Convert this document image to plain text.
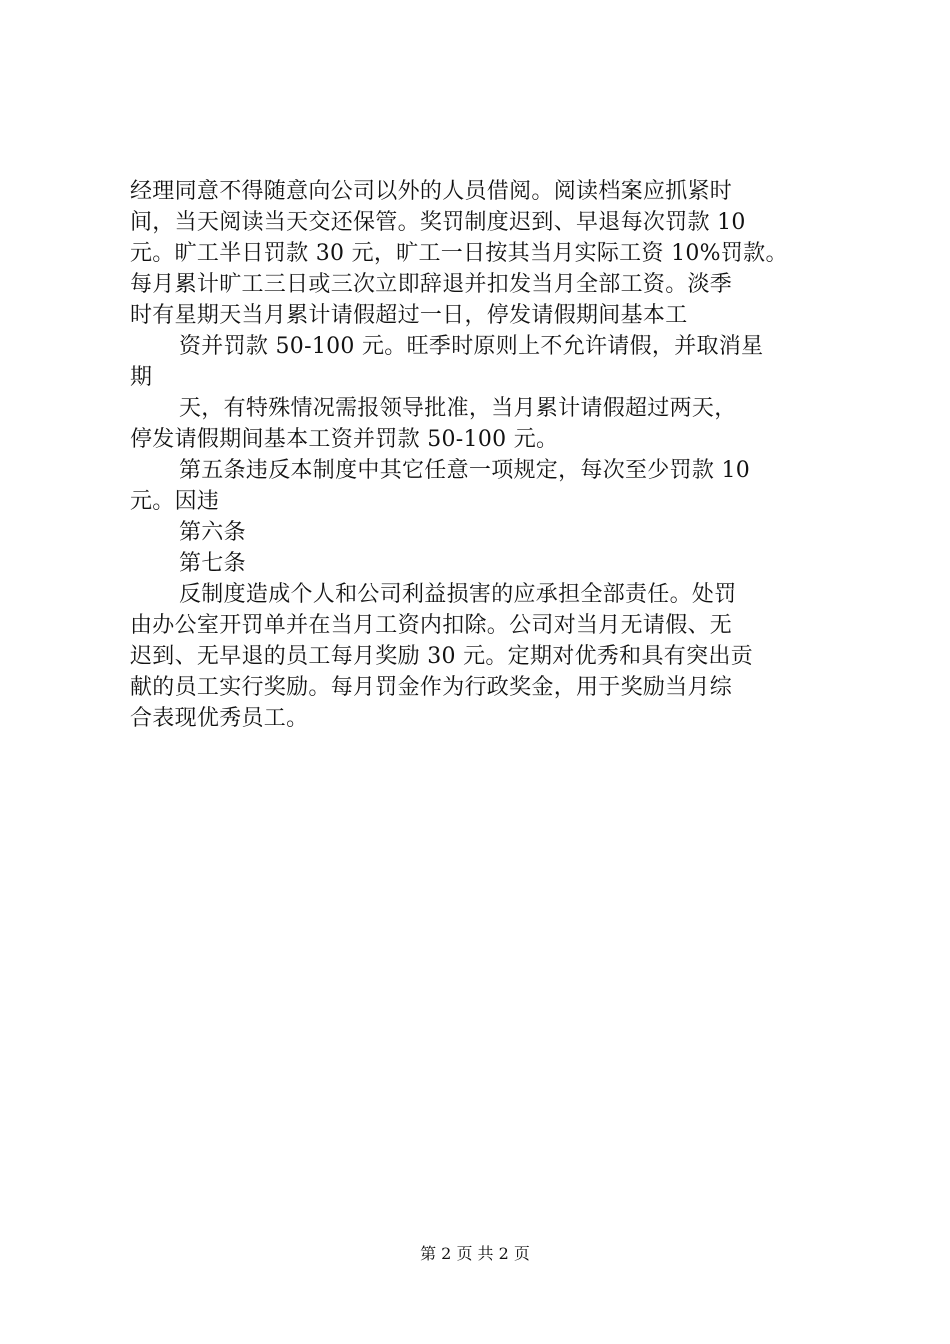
经理同意不得随意向公司以外的人员借阅。阅读档案应抓紧时
间，当天阅读当天交还保管。奖罚制度迟到、早退每次罚款 10
元。旷工半日罚款 30 元，旷工一日按其当月实际工资 10%罚款。
每月累计旷工三日或三次立即辞退并扣发当月全部工资。淡季
时有星期天当月累计请假超过一日，停发请假期间基本工
资并罚款 50-100 元。旺季时原则上不允许请假，并取消星
期
天，有特殊情况需报领导批准，当月累计请假超过两天，
停发请假期间基本工资并罚款 50-100 元。
第五条违反本制度中其它任意一项规定，每次至少罚款 10
元。因违
第六条
第七条
反制度造成个人和公司利益损害的应承担全部责任。处罚
由办公室开罚单并在当月工资内扣除。公司对当月无请假、无
迟到、无早退的员工每月奖励 30 元。定期对优秀和具有突出贡
献的员工实行奖励。每月罚金作为行政奖金，用于奖励当月综
合表现优秀员工。
第 2 页 共 2 页
